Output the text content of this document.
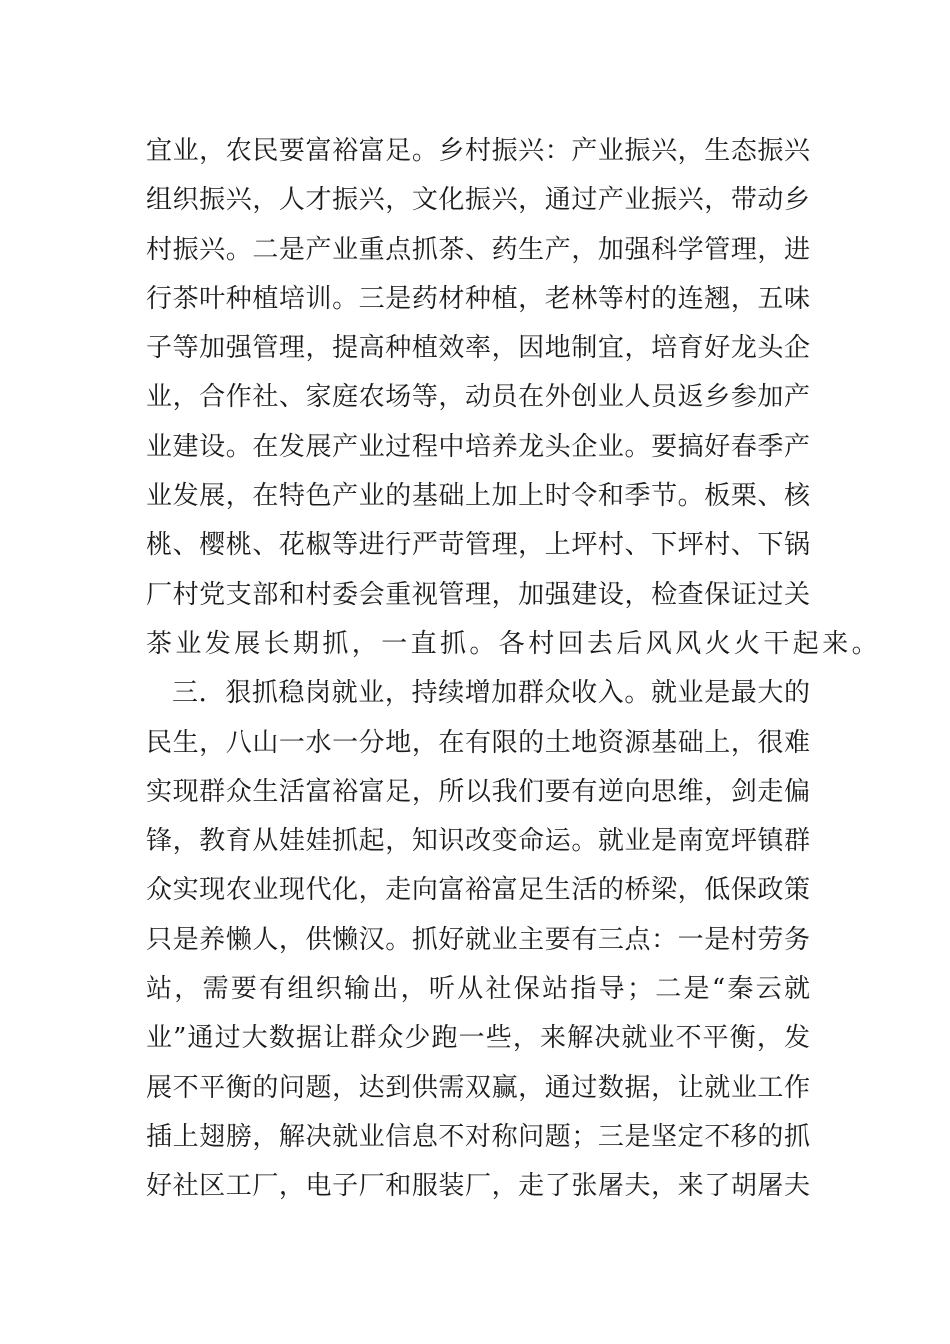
宜业，农民要富裕富足。乡村振兴：产业振兴，生态振兴
组织振兴，人才振兴，文化振兴，通过产业振兴，带动乡
村振兴。二是产业重点抓茶、药生产，加强科学管理，进
行茶叶种植培训。三是药材种植，老林等村的连翘，五味
子等加强管理，提高种植效率，因地制宜，培育好龙头企
业，合作社、家庭农场等，动员在外创业人员返乡参加产
业建设。在发展产业过程中培养龙头企业。要搞好春季产
业发展，在特色产业的基础上加上时令和季节。板栗、核
桃、樱桃、花椒等进行严苛管理，上坪村、下坪村、下锅
厂村党支部和村委会重视管理，加强建设，检查保证过关
茶业发展长期抓，一直抓。各村回去后风风火火干起来。
三．狠抓稳岗就业，持续增加群众收入。就业是最大的
民生，八山一水一分地，在有限的土地资源基础上，很难
实现群众生活富裕富足，所以我们要有逆向思维，剑走偏
锋，教育从娃娃抓起，知识改变命运。就业是南宽坪镇群
众实现农业现代化，走向富裕富足生活的桥梁，低保政策
只是养懒人，供懒汉。抓好就业主要有三点：一是村劳务
站，需要有组织输出，听从社保站指导；二是“秦云就
业”通过大数据让群众少跑一些，来解决就业不平衡，发
展不平衡的问题，达到供需双赢，通过数据，让就业工作
插上翅膀，解决就业信息不对称问题；三是坚定不移的抓
好社区工厂，电子厂和服装厂，走了张屠夫，来了胡屠夫
